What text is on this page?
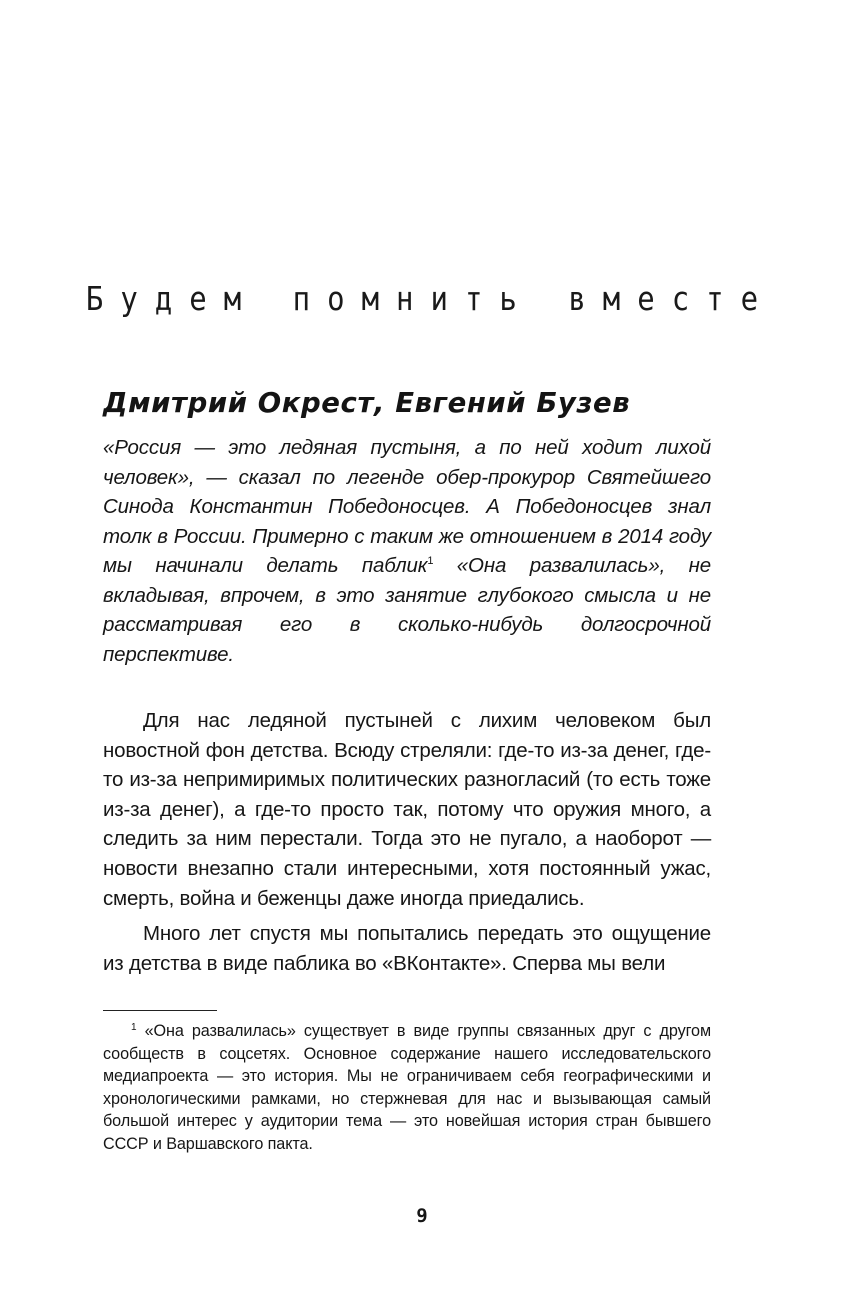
Будем помнить вместе
Дмитрий Окрест, Евгений Бузев

«Россия — это ледяная пустыня, а по ней ходит лихой человек», — сказал по легенде обер-прокурор Святейшего Синода Константин Победоносцев. А Победоносцев знал толк в России. Примерно с таким же отношением в 2014 году мы начинали делать паблик$^1$ «Она развалилась», не вкладывая, впрочем, в это занятие глубокого смысла и не рассматривая его в сколько-нибудь долгосрочной перспективе.

Для нас ледяной пустыней с лихим человеком был новостной фон детства. Всюду стреляли: где-то из-за денег, где-то из-за непримиримых политических разногласий (то есть тоже из-за денег), а где-то просто так, потому что оружия много, а следить за ним перестали. Тогда это не пугало, а наоборот — новости внезапно стали интересными, хотя постоянный ужас, смерть, война и беженцы даже иногда приедались.

Много лет спустя мы попытались передать это ощущение из детства в виде паблика во «ВКонтакте». Сперва мы вели

$^1$ «Она развалилась» существует в виде группы связанных друг с другом сообществ в соцсетях. Основное содержание нашего исследовательского медиапроекта — это история. Мы не ограничиваем себя географическими и хронологическими рамками, но стержневая для нас и вызывающая самый большой интерес у аудитории тема — это новейшая история стран бывшего СССР и Варшавского пакта.

9
